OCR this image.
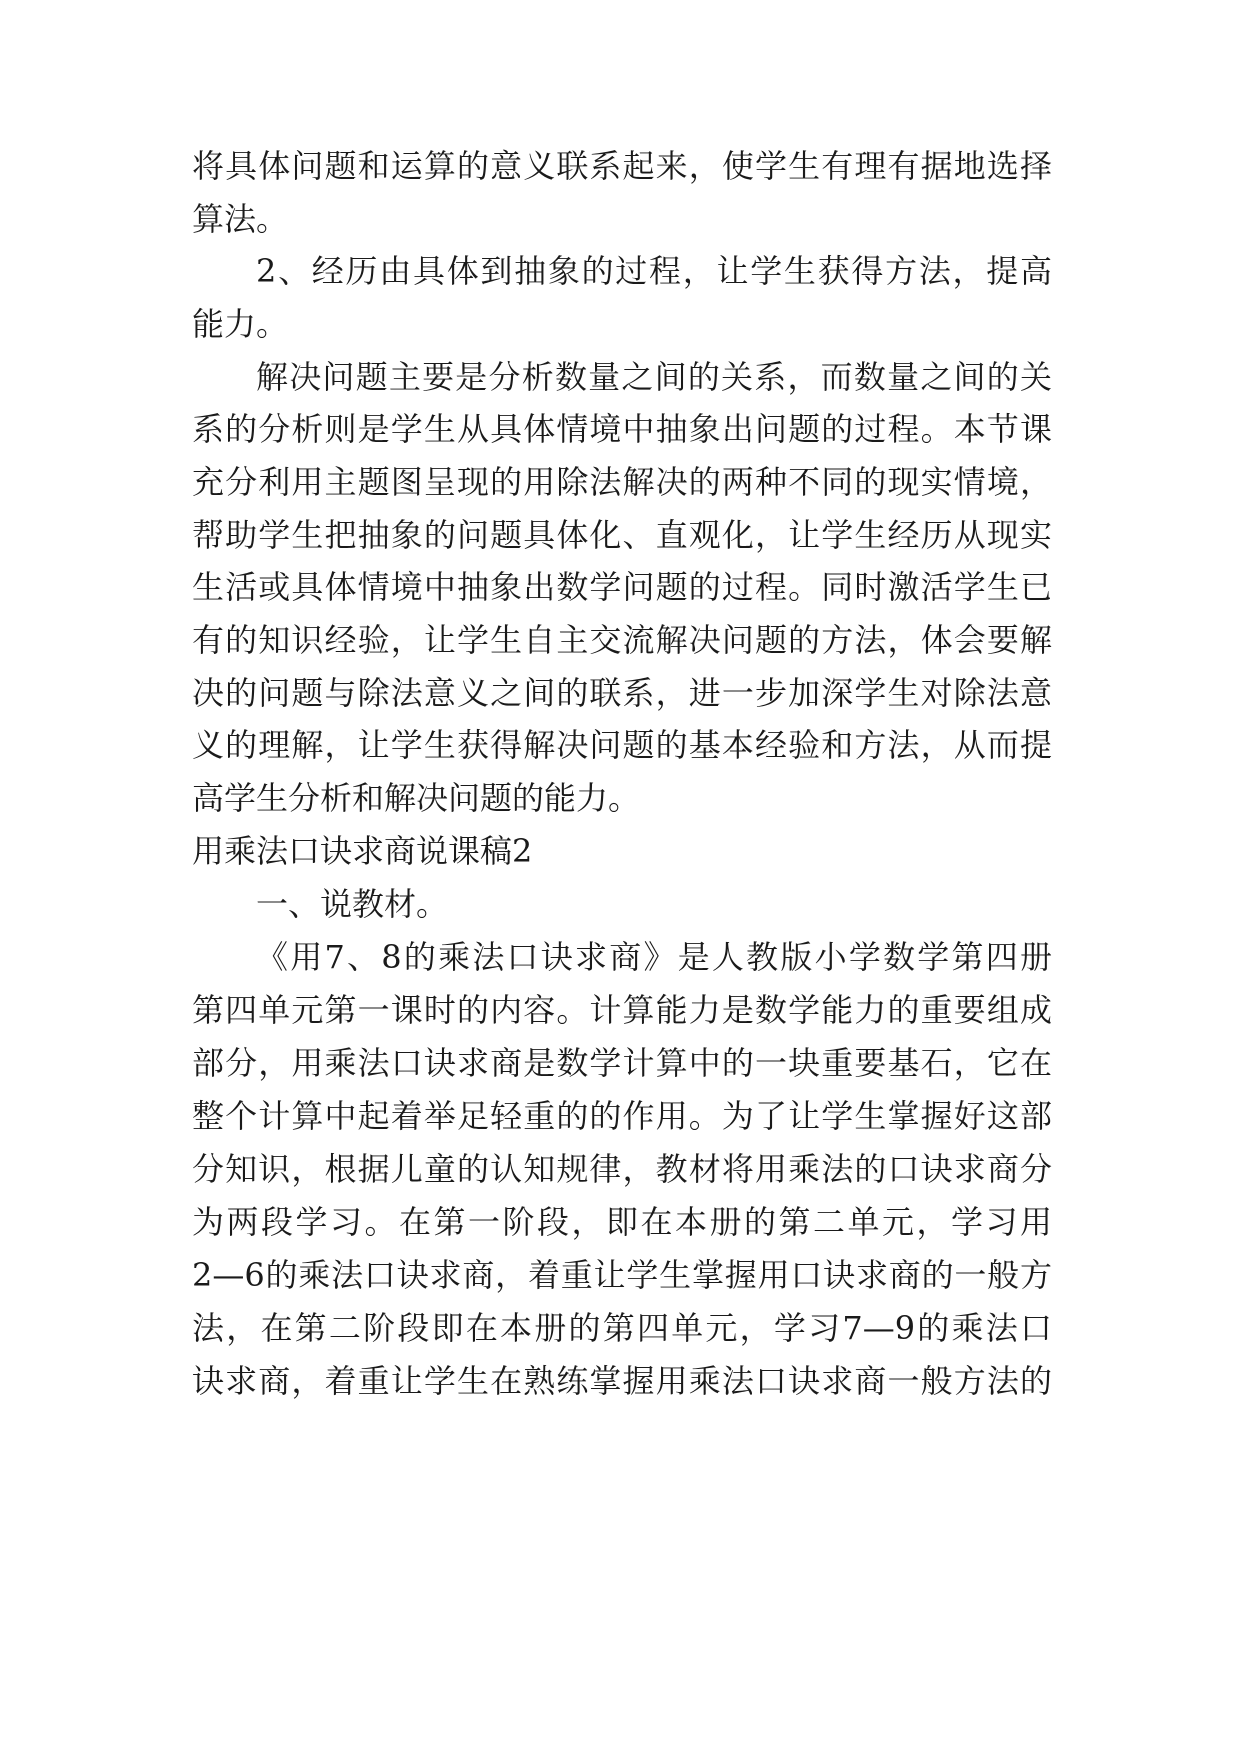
将具体问题和运算的意义联系起来，使学生有理有据地选择
算法。
2、经历由具体到抽象的过程，让学生获得方法，提高
能力。
解决问题主要是分析数量之间的关系，而数量之间的关
系的分析则是学生从具体情境中抽象出问题的过程。本节课
充分利用主题图呈现的用除法解决的两种不同的现实情境，
帮助学生把抽象的问题具体化、直观化，让学生经历从现实
生活或具体情境中抽象出数学问题的过程。同时激活学生已
有的知识经验，让学生自主交流解决问题的方法，体会要解
决的问题与除法意义之间的联系，进一步加深学生对除法意
义的理解，让学生获得解决问题的基本经验和方法，从而提
高学生分析和解决问题的能力。
用乘法口诀求商说课稿2
一、说教材。
《用7、8的乘法口诀求商》是人教版小学数学第四册
第四单元第一课时的内容。计算能力是数学能力的重要组成
部分，用乘法口诀求商是数学计算中的一块重要基石，它在
整个计算中起着举足轻重的的作用。为了让学生掌握好这部
分知识，根据儿童的认知规律，教材将用乘法的口诀求商分
为两段学习。在第一阶段，即在本册的第二单元，学习用
2—6的乘法口诀求商，着重让学生掌握用口诀求商的一般方
法，在第二阶段即在本册的第四单元，学习7—9的乘法口
诀求商，着重让学生在熟练掌握用乘法口诀求商一般方法的
